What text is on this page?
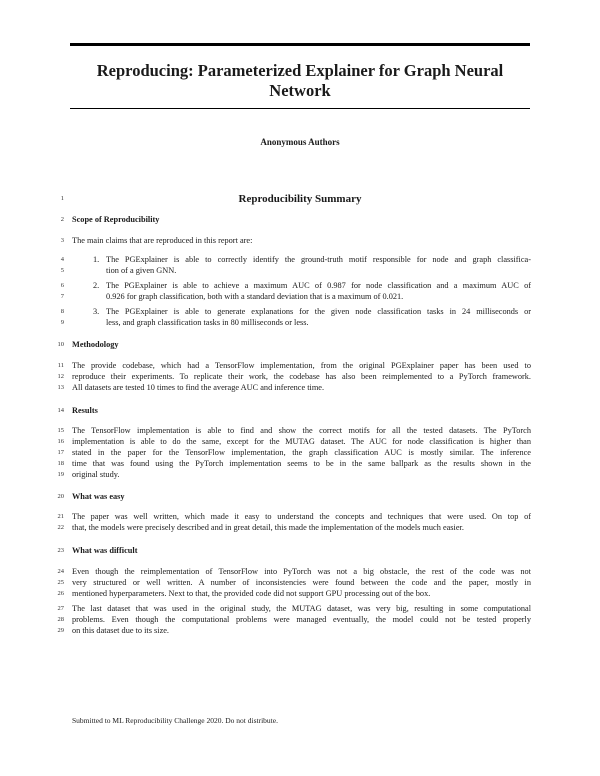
Reproducing: Parameterized Explainer for Graph Neural Network
Anonymous Authors
1	Reproducibility Summary
2 Scope of Reproducibility
3 The main claims that are reproduced in this report are:
4	1. The PGExplainer is able to correctly identify the ground-truth motif responsible for node and graph classifica-
5	tion of a given GNN.
6	2. The PGExplainer is able to achieve a maximum AUC of 0.987 for node classification and a maximum AUC of
7	0.926 for graph classification, both with a standard deviation that is a maximum of 0.021.
8	3. The PGExplainer is able to generate explanations for the given node classification tasks in 24 milliseconds or
9	less, and graph classification tasks in 80 milliseconds or less.
10 Methodology
11 The provide codebase, which had a TensorFlow implementation, from the original PGExplainer paper has been used to
12 reproduce their experiments. To replicate their work, the codebase has also been reimplemented to a PyTorch framework.
13 All datasets are tested 10 times to find the average AUC and inference time.
14 Results
15 The TensorFlow implementation is able to find and show the correct motifs for all the tested datasets. The PyTorch
16 implementation is able to do the same, except for the MUTAG dataset. The AUC for node classification is higher than
17 stated in the paper for the TensorFlow implementation, the graph classification AUC is mostly similar. The inference
18 time that was found using the PyTorch implementation seems to be in the same ballpark as the results shown in the
19 original study.
20 What was easy
21 The paper was well written, which made it easy to understand the concepts and techniques that were used. On top of
22 that, the models were precisely described and in great detail, this made the implementation of the models much easier.
23 What was difficult
24 Even though the reimplementation of TensorFlow into PyTorch was not a big obstacle, the rest of the code was not
25 very structured or well written. A number of inconsistencies were found between the code and the paper, mostly in
26 mentioned hyperparameters. Next to that, the provided code did not support GPU processing out of the box.
27 The last dataset that was used in the original study, the MUTAG dataset, was very big, resulting in some computational
28 problems. Even though the computational problems were managed eventually, the model could not be tested properly
29 on this dataset due to its size.
Submitted to ML Reproducibility Challenge 2020. Do not distribute.
